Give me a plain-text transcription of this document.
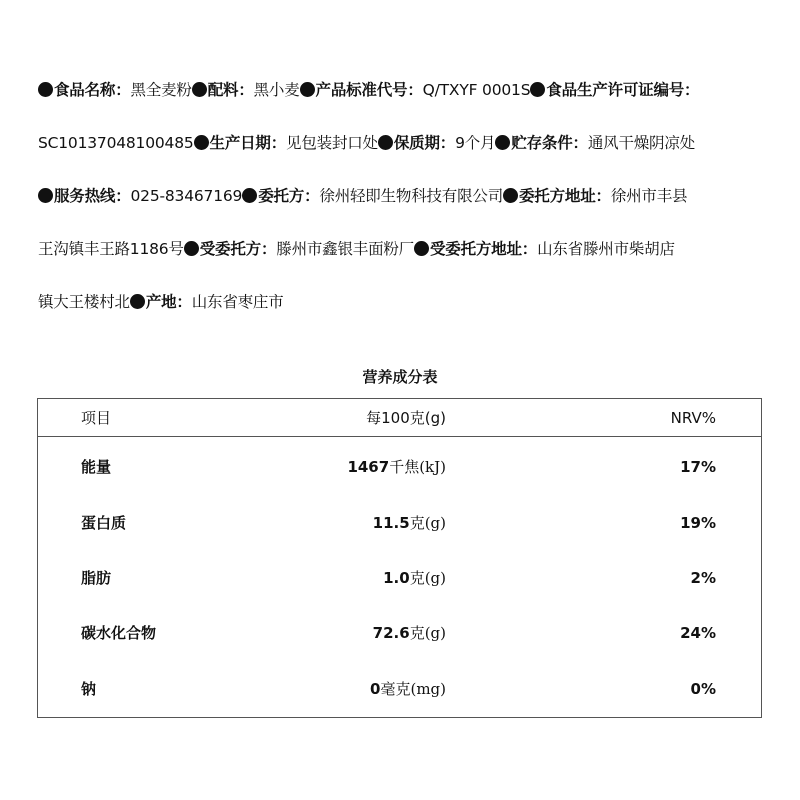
食品名称：黑全麦粉 配料：黑小麦 产品标准代号：Q/TXYF 0001S 食品生产许可证编号：
SC10137048100485 生产日期：见包装封口处 保质期：9个月 贮存条件：通风干燥阴凉处
服务热线：025-83467169 委托方：徐州轻即生物科技有限公司 委托方地址：徐州市丰县
王沟镇丰王路1186号 受委托方：滕州市鑫银丰面粉厂 受委托方地址：山东省滕州市柴胡店
镇大王楼村北 产地：山东省枣庄市
营养成分表
项目	每100克(g)	NRV%
能量	1467千焦(kJ)	17%
蛋白质	11.5克(g)	19%
脂肪	1.0克(g)	2%
碳水化合物	72.6克(g)	24%
钠	0毫克(mg)	0%
